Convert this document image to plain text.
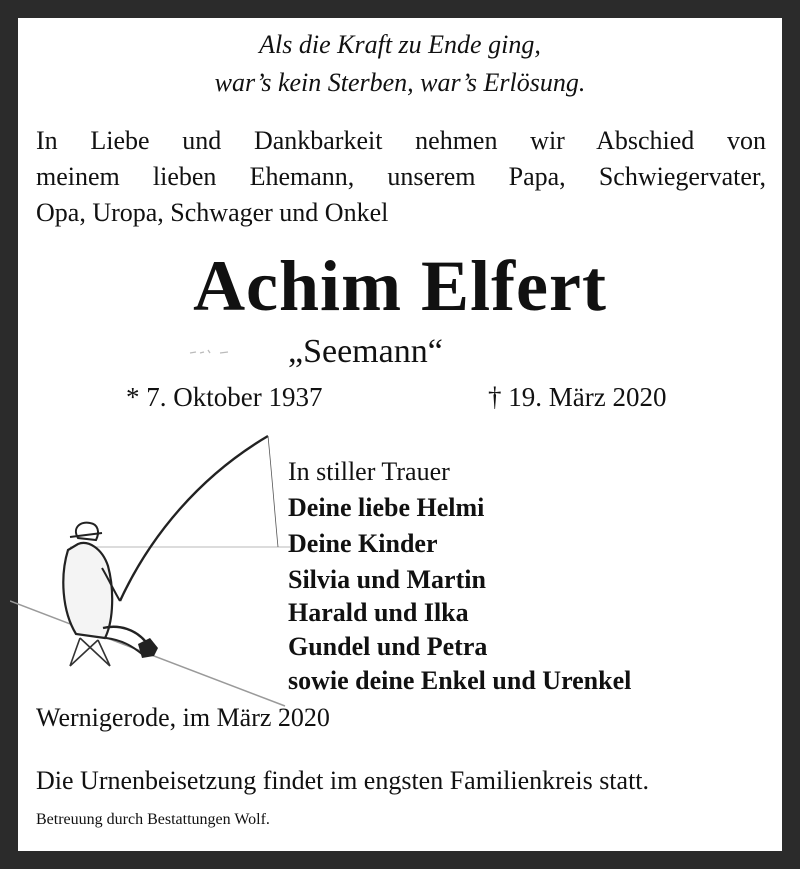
Als die Kraft zu Ende ging,
war’s kein Sterben, war’s Erlösung.
In Liebe und Dankbarkeit nehmen wir Abschied von
meinem lieben Ehemann, unserem Papa, Schwiegervater,
Opa, Uropa, Schwager und Onkel
Achim Elfert
„Seemann“
* 7. Oktober 1937	† 19. März 2020
In stiller Trauer
Deine liebe Helmi
Deine Kinder
Silvia und Martin
Harald und Ilka
Gundel und Petra
sowie deine Enkel und Urenkel
Wernigerode, im März 2020
Die Urnenbeisetzung findet im engsten Familienkreis statt.
Betreuung durch Bestattungen Wolf.
